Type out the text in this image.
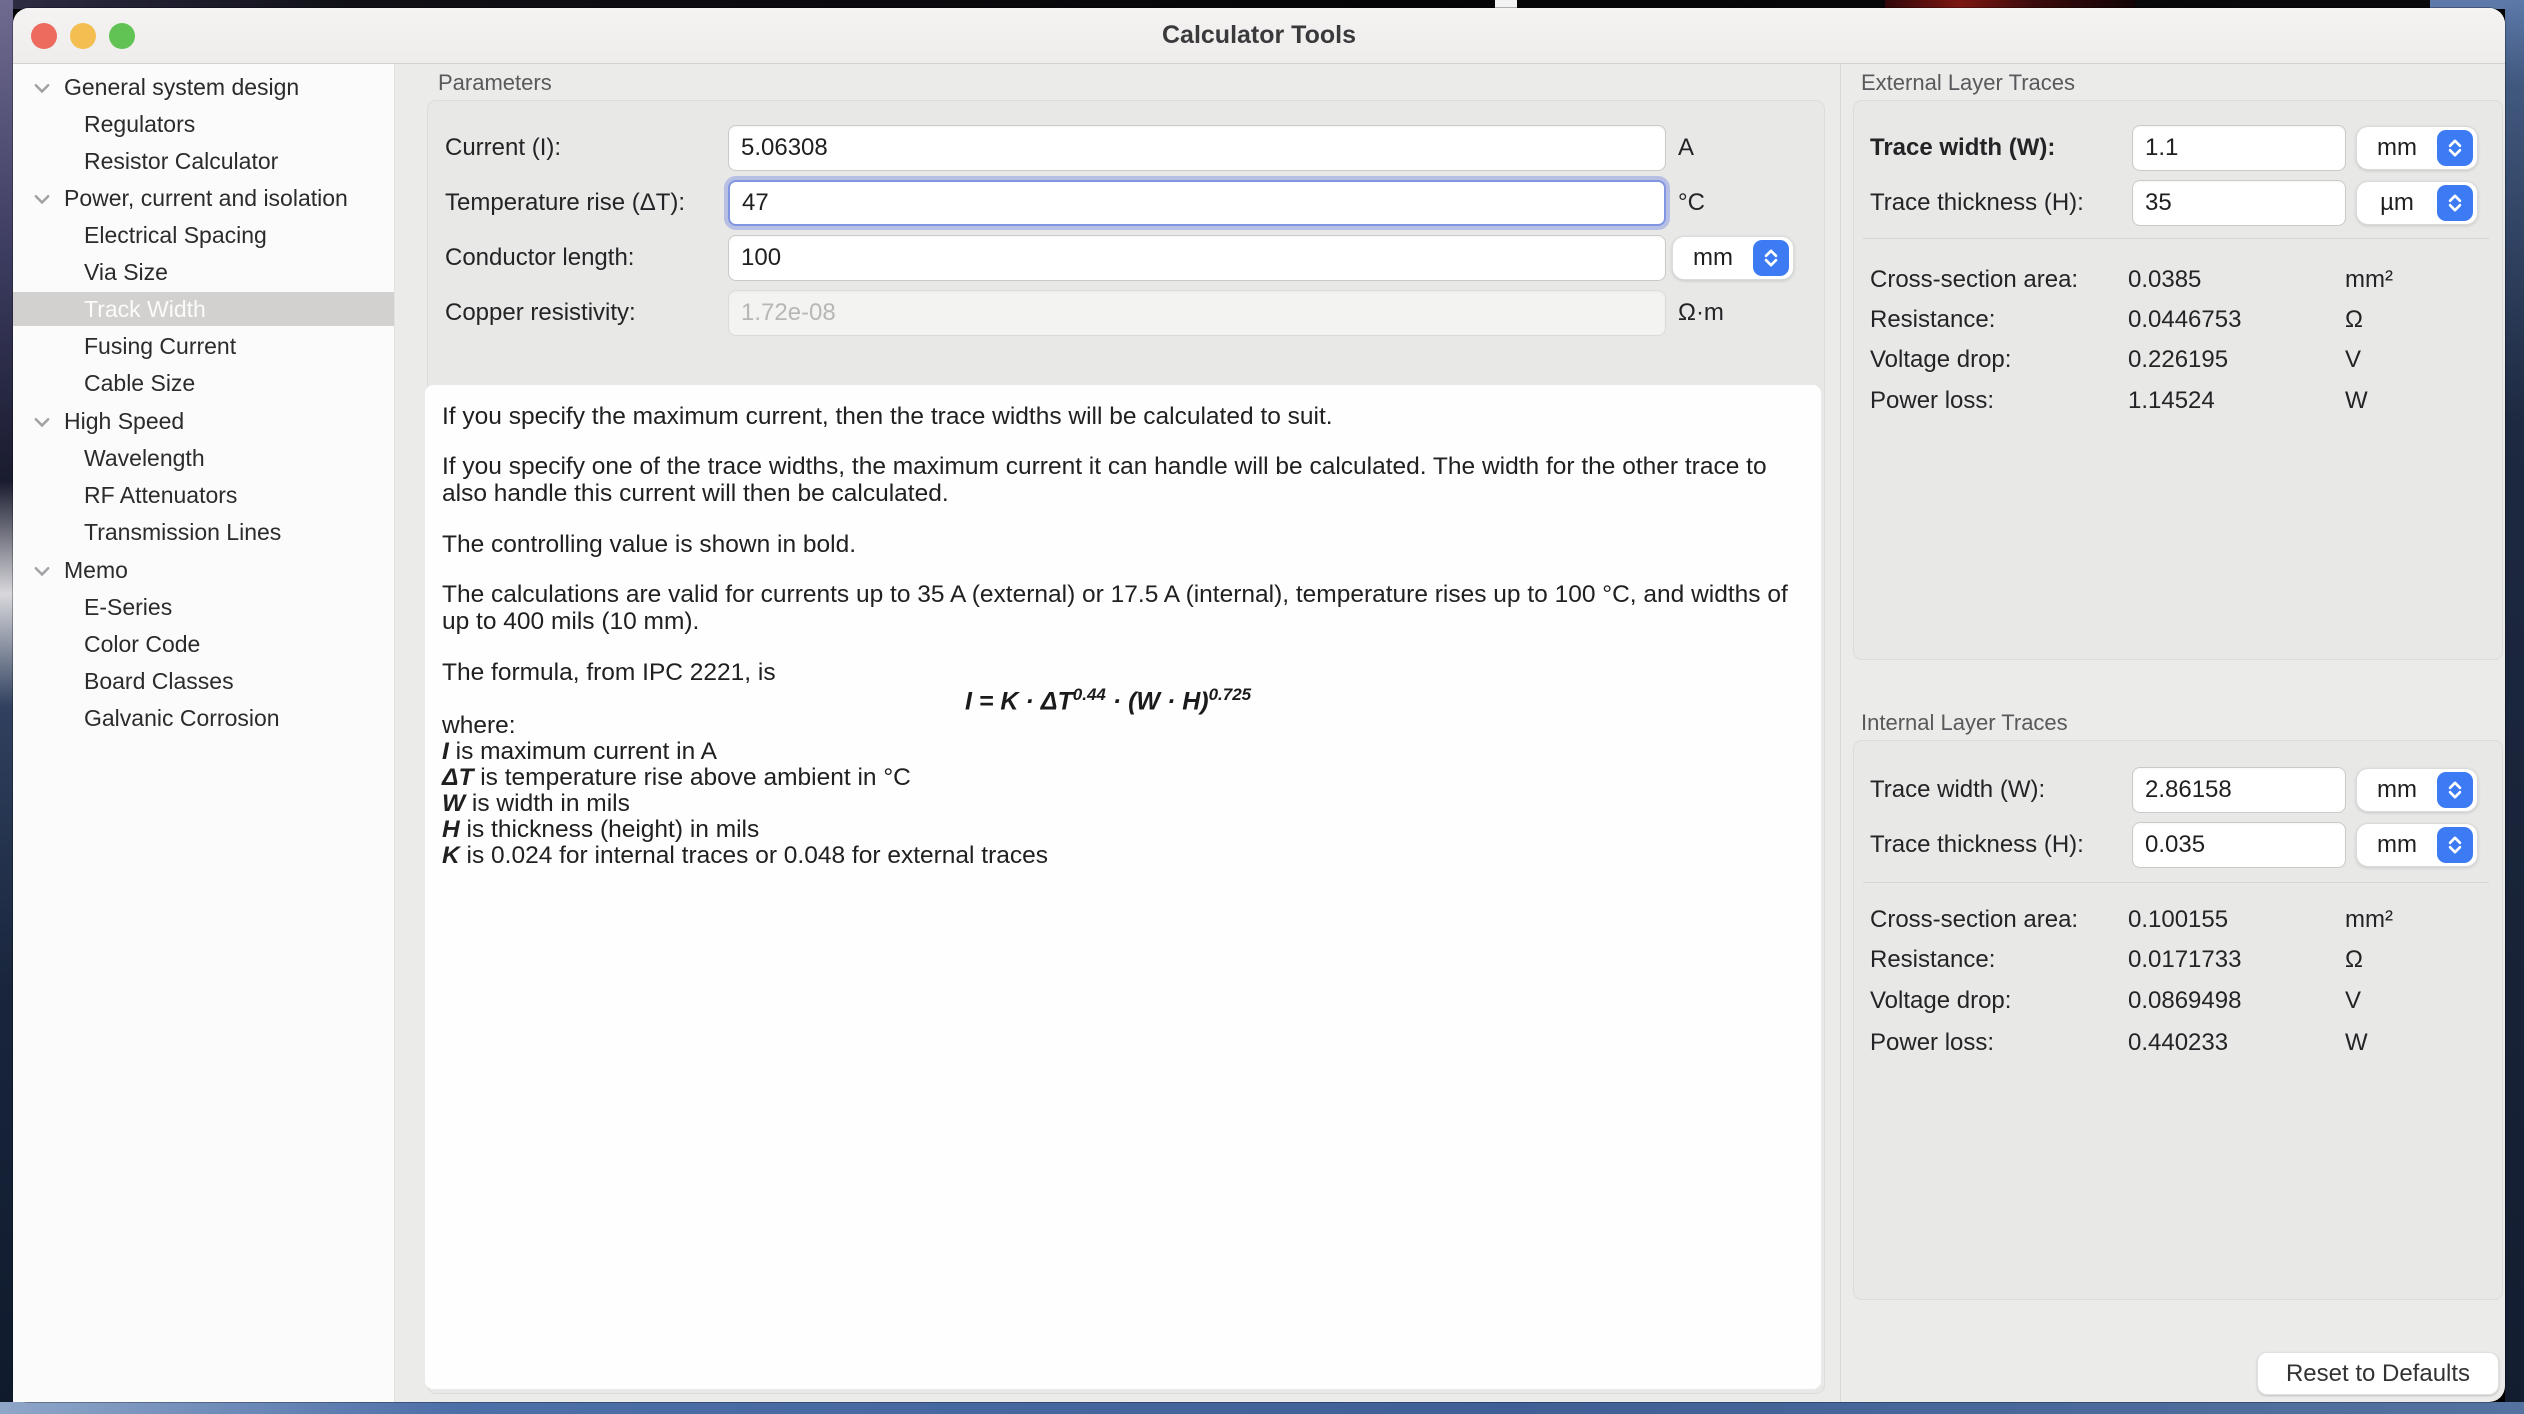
Calculator Tools
General system design
Regulators
Resistor Calculator
Power, current and isolation
Electrical Spacing
Via Size
Track Width
Fusing Current
Cable Size
High Speed
Wavelength
RF Attenuators
Transmission Lines
Memo
E-Series
Color Code
Board Classes
Galvanic Corrosion
Parameters
Current (I):
5.06308	A
Temperature rise (ΔT):
47	°C
Conductor length:
100	mm
Copper resistivity:
1.72e-08	Ω·m
If you specify the maximum current, then the trace widths will be calculated to suit.
If you specify one of the trace widths, the maximum current it can handle will be calculated. The width for the other trace to also handle this current will then be calculated.
The controlling value is shown in bold.
The calculations are valid for currents up to 35 A (external) or 17.5 A (internal), temperature rises up to 100 °C, and widths of up to 400 mils (10 mm).
The formula, from IPC 2221, is
$I = K \cdot \Delta T^{0.44} \cdot (W \cdot H)^{0.725}$
where:
I is maximum current in A
ΔT is temperature rise above ambient in °C
W is width in mils
H is thickness (height) in mils
K is 0.024 for internal traces or 0.048 for external traces
External Layer Traces
Trace width (W):
1.1	mm
Trace thickness (H):
35	µm
Cross-section area: 0.0385	mm²
Resistance:	0.0446753	Ω
Voltage drop:	0.226195	V
Power loss:	1.14524	W
Internal Layer Traces
Trace width (W):
2.86158	mm
Trace thickness (H):
0.035	mm
Cross-section area: 0.100155	mm²
Resistance:	0.0171733	Ω
Voltage drop:	0.0869498	V
Power loss:	0.440233	W
Reset to Defaults
